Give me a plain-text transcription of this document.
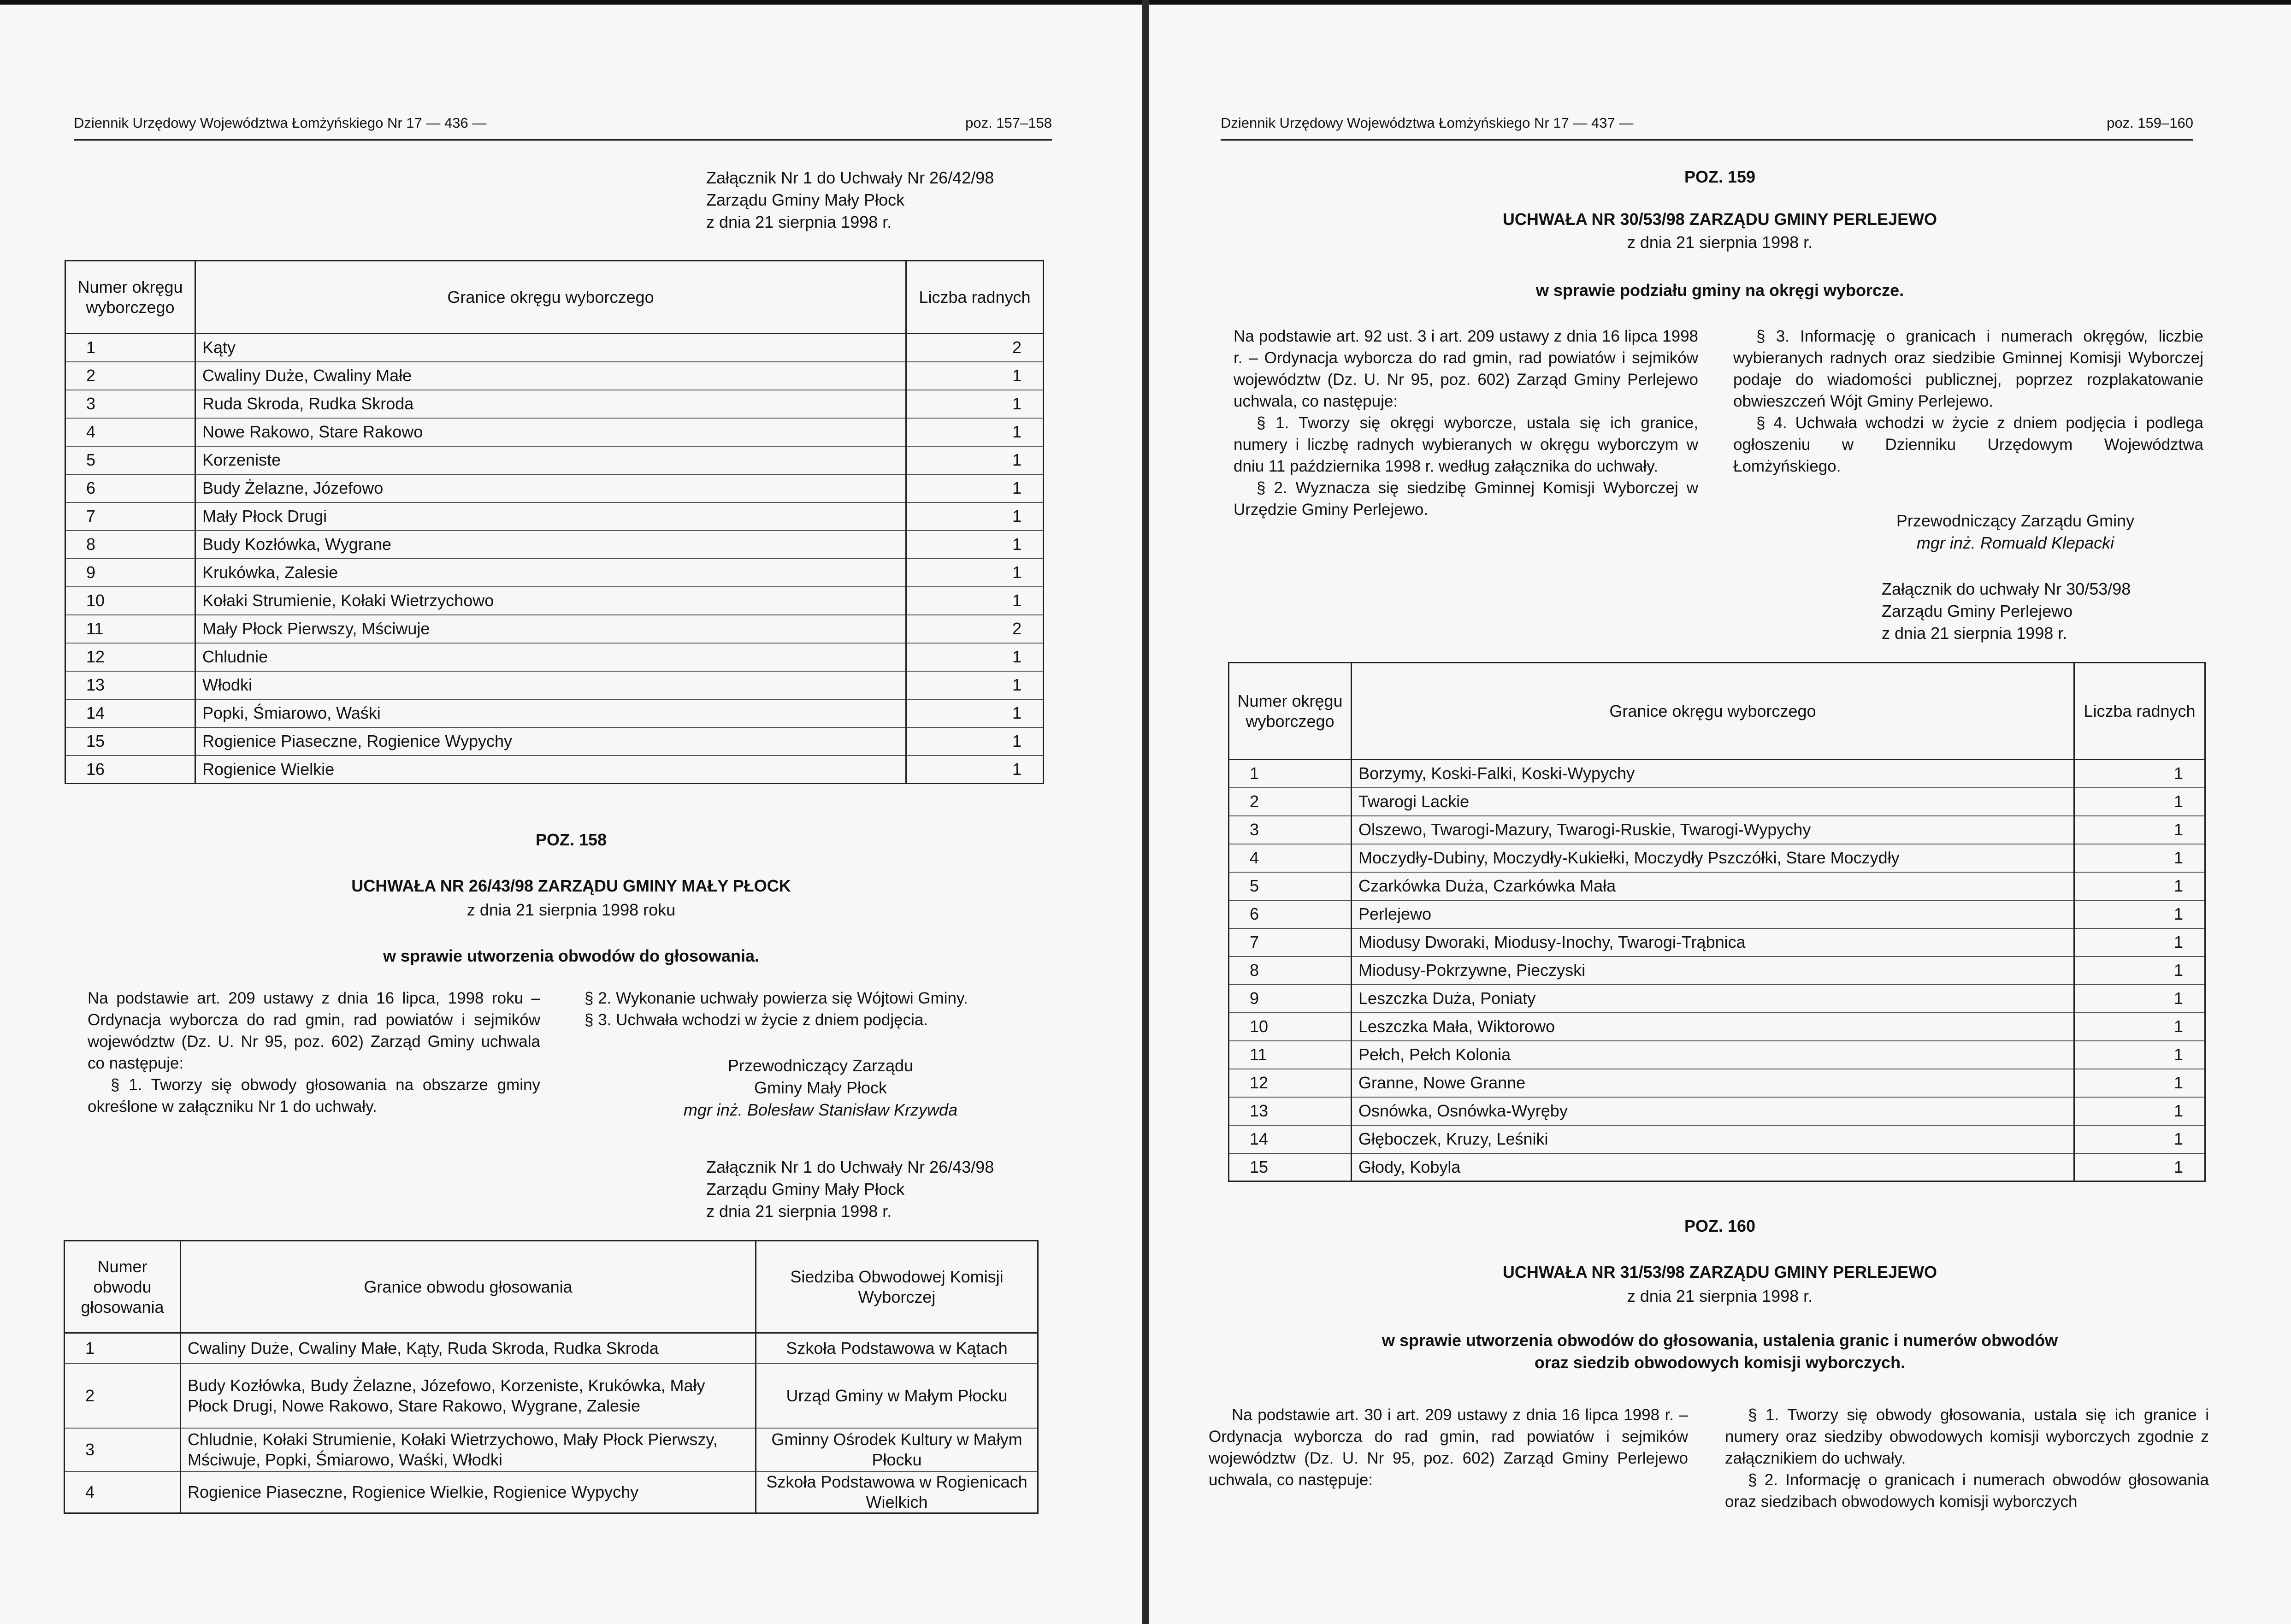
Dziennik Urzędowy Województwa Łomżyńskiego Nr 17 — 436 —	poz. 157–158
Załącznik Nr 1 do Uchwały Nr 26/42/98
Zarządu Gminy Mały Płock
z dnia 21 sierpnia 1998 r.
Numer okręgu wyborczego	Granice okręgu wyborczego	Liczba radnych
1	Kąty	2
2	Cwaliny Duże, Cwaliny Małe	1
3	Ruda Skroda, Rudka Skroda	1
4	Nowe Rakowo, Stare Rakowo	1
5	Korzeniste	1
6	Budy Żelazne, Józefowo	1
7	Mały Płock Drugi	1
8	Budy Kozłówka, Wygrane	1
9	Krukówka, Zalesie	1
10	Kołaki Strumienie, Kołaki Wietrzychowo	1
11	Mały Płock Pierwszy, Mściwuje	2
12	Chludnie	1
13	Włodki	1
14	Popki, Śmiarowo, Waśki	1
15	Rogienice Piaseczne, Rogienice Wypychy	1
16	Rogienice Wielkie	1
POZ. 158
UCHWAŁA NR 26/43/98 ZARZĄDU GMINY MAŁY PŁOCK
z dnia 21 sierpnia 1998 roku
w sprawie utworzenia obwodów do głosowania.
Na podstawie art. 209 ustawy z dnia 16 lipca, 1998 roku – Ordynacja wyborcza do rad gmin, rad powiatów i sejmików województw (Dz. U. Nr 95, poz. 602) Zarząd Gminy uchwala co następuje:
§ 1. Tworzy się obwody głosowania na obszarze gminy określone w załączniku Nr 1 do uchwały.
§ 2. Wykonanie uchwały powierza się Wójtowi Gminy.
§ 3. Uchwała wchodzi w życie z dniem podjęcia.
Przewodniczący Zarządu
Gminy Mały Płock
mgr inż. Bolesław Stanisław Krzywda
Załącznik Nr 1 do Uchwały Nr 26/43/98
Zarządu Gminy Mały Płock
z dnia 21 sierpnia 1998 r.
Numer obwodu głosowania	Granice obwodu głosowania	Siedziba Obwodowej Komisji Wyborczej
1	Cwaliny Duże, Cwaliny Małe, Kąty, Ruda Skroda, Rudka Skroda	Szkoła Podstawowa w Kątach
2	Budy Kozłówka, Budy Żelazne, Józefowo, Korzeniste, Krukówka, Mały Płock Drugi, Nowe Rakowo, Stare Rakowo, Wygrane, Zalesie	Urząd Gminy w Małym Płocku
3	Chludnie, Kołaki Strumienie, Kołaki Wietrzychowo, Mały Płock Pierwszy, Mściwuje, Popki, Śmiarowo, Waśki, Włodki	Gminny Ośrodek Kultury w Małym Płocku
4	Rogienice Piaseczne, Rogienice Wielkie, Rogienice Wypychy	Szkoła Podstawowa w Rogienicach Wielkich
Dziennik Urzędowy Województwa Łomżyńskiego Nr 17 — 437 —	poz. 159–160
POZ. 159
UCHWAŁA NR 30/53/98 ZARZĄDU GMINY PERLEJEWO
z dnia 21 sierpnia 1998 r.
w sprawie podziału gminy na okręgi wyborcze.
Na podstawie art. 92 ust. 3 i art. 209 ustawy z dnia 16 lipca 1998 r. – Ordynacja wyborcza do rad gmin, rad powiatów i sejmików województw (Dz. U. Nr 95, poz. 602) Zarząd Gminy Perlejewo uchwala, co następuje:
§ 1. Tworzy się okręgi wyborcze, ustala się ich granice, numery i liczbę radnych wybieranych w okręgu wyborczym w dniu 11 października 1998 r. według załącznika do uchwały.
§ 2. Wyznacza się siedzibę Gminnej Komisji Wyborczej w Urzędzie Gminy Perlejewo.
§ 3. Informację o granicach i numerach okręgów, liczbie wybieranych radnych oraz siedzibie Gminnej Komisji Wyborczej podaje do wiadomości publicznej, poprzez rozplakatowanie obwieszczeń Wójt Gminy Perlejewo.
§ 4. Uchwała wchodzi w życie z dniem podjęcia i podlega ogłoszeniu w Dzienniku Urzędowym Województwa Łomżyńskiego.
Przewodniczący Zarządu Gminy
mgr inż. Romuald Klepacki
Załącznik do uchwały Nr 30/53/98
Zarządu Gminy Perlejewo
z dnia 21 sierpnia 1998 r.
Numer okręgu wyborczego	Granice okręgu wyborczego	Liczba radnych
1	Borzymy, Koski-Falki, Koski-Wypychy	1
2	Twarogi Lackie	1
3	Olszewo, Twarogi-Mazury, Twarogi-Ruskie, Twarogi-Wypychy	1
4	Moczydły-Dubiny, Moczydły-Kukiełki, Moczydły Pszczółki, Stare Moczydły	1
5	Czarkówka Duża, Czarkówka Mała	1
6	Perlejewo	1
7	Miodusy Dworaki, Miodusy-Inochy, Twarogi-Trąbnica	1
8	Miodusy-Pokrzywne, Pieczyski	1
9	Leszczka Duża, Poniaty	1
10	Leszczka Mała, Wiktorowo	1
11	Pełch, Pełch Kolonia	1
12	Granne, Nowe Granne	1
13	Osnówka, Osnówka-Wyręby	1
14	Głęboczek, Kruzy, Leśniki	1
15	Głody, Kobyla	1
POZ. 160
UCHWAŁA NR 31/53/98 ZARZĄDU GMINY PERLEJEWO
z dnia 21 sierpnia 1998 r.
w sprawie utworzenia obwodów do głosowania, ustalenia granic i numerów obwodów
oraz siedzib obwodowych komisji wyborczych.
Na podstawie art. 30 i art. 209 ustawy z dnia 16 lipca 1998 r. – Ordynacja wyborcza do rad gmin, rad powiatów i sejmików województw (Dz. U. Nr 95, poz. 602) Zarząd Gminy Perlejewo uchwala, co następuje:
§ 1. Tworzy się obwody głosowania, ustala się ich granice i numery oraz siedziby obwodowych komisji wyborczych zgodnie z załącznikiem do uchwały.
§ 2. Informację o granicach i numerach obwodów głosowania oraz siedzibach obwodowych komisji wyborczych
